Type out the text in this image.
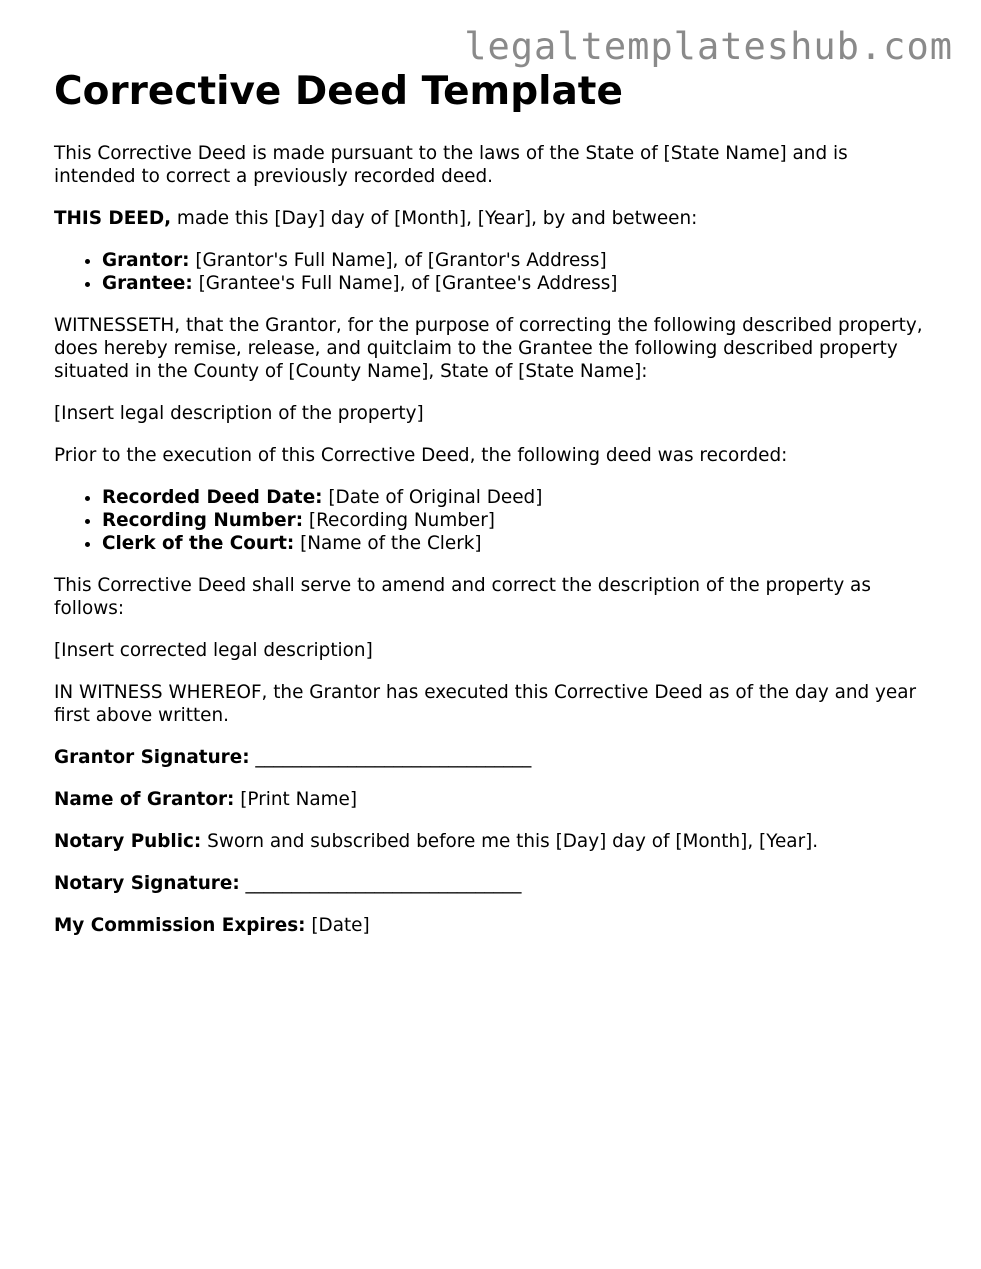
legaltemplateshub.com
Corrective Deed Template

This Corrective Deed is made pursuant to the laws of the State of [State Name] and is intended to correct a previously recorded deed.

THIS DEED, made this [Day] day of [Month], [Year], by and between:

• Grantor: [Grantor's Full Name], of [Grantor's Address]
• Grantee: [Grantee's Full Name], of [Grantee's Address]

WITNESSETH, that the Grantor, for the purpose of correcting the following described property, does hereby remise, release, and quitclaim to the Grantee the following described property situated in the County of [County Name], State of [State Name]:

[Insert legal description of the property]

Prior to the execution of this Corrective Deed, the following deed was recorded:

• Recorded Deed Date: [Date of Original Deed]
• Recording Number: [Recording Number]
• Clerk of the Court: [Name of the Clerk]

This Corrective Deed shall serve to amend and correct the description of the property as follows:

[Insert corrected legal description]

IN WITNESS WHEREOF, the Grantor has executed this Corrective Deed as of the day and year first above written.

Grantor Signature: ______________________________

Name of Grantor: [Print Name]

Notary Public: Sworn and subscribed before me this [Day] day of [Month], [Year].

Notary Signature: ______________________________

My Commission Expires: [Date]
